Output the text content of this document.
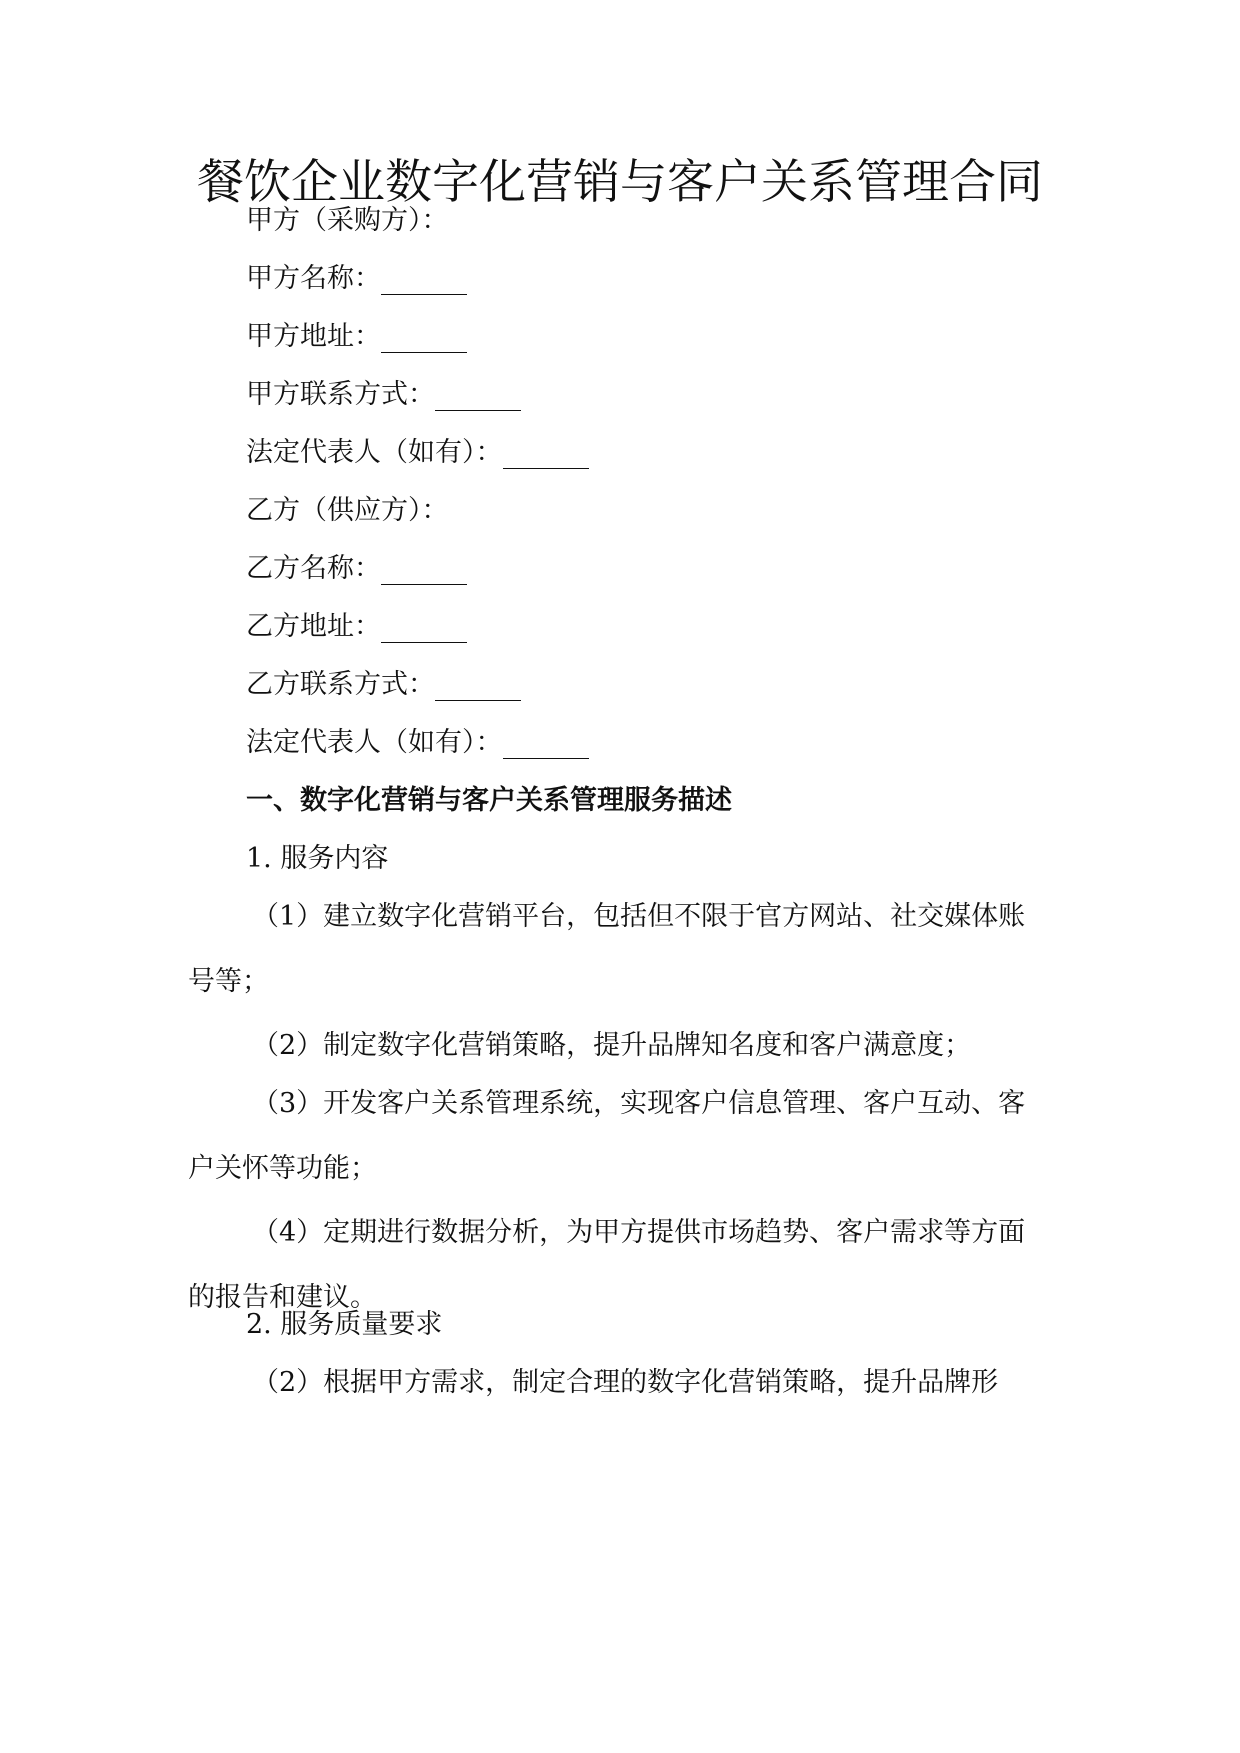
餐饮企业数字化营销与客户关系管理合同
甲方（采购方）：
甲方名称：
甲方地址：
甲方联系方式：
法定代表人（如有）：
乙方（供应方）：
乙方名称：
乙方地址：
乙方联系方式：
法定代表人（如有）：
一、数字化营销与客户关系管理服务描述
1. 服务内容
（1）建立数字化营销平台，包括但不限于官方网站、社交媒体账号等；
（2）制定数字化营销策略，提升品牌知名度和客户满意度；
（3）开发客户关系管理系统，实现客户信息管理、客户互动、客户关怀等功能；
（4）定期进行数据分析，为甲方提供市场趋势、客户需求等方面的报告和建议。
2. 服务质量要求
（2）根据甲方需求，制定合理的数字化营销策略，提升品牌形
